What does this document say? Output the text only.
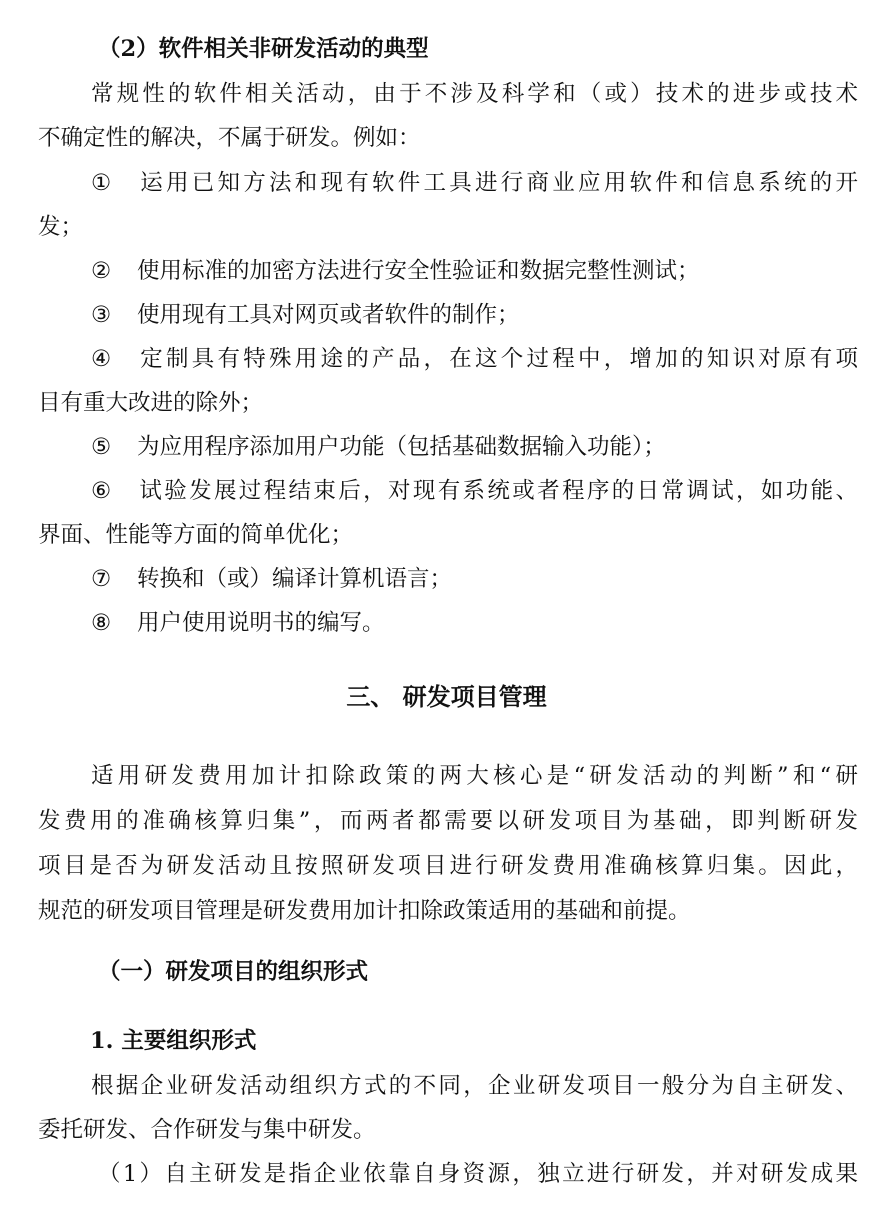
（2）软件相关非研发活动的典型
常规性的软件相关活动，由于不涉及科学和（或）技术的进步或技术
不确定性的解决，不属于研发。例如：
① 运用已知方法和现有软件工具进行商业应用软件和信息系统的开
发；
② 使用标准的加密方法进行安全性验证和数据完整性测试；
③ 使用现有工具对网页或者软件的制作；
④ 定制具有特殊用途的产品，在这个过程中，增加的知识对原有项
目有重大改进的除外；
⑤ 为应用程序添加用户功能（包括基础数据输入功能）；
⑥ 试验发展过程结束后，对现有系统或者程序的日常调试，如功能、
界面、性能等方面的简单优化；
⑦ 转换和（或）编译计算机语言；
⑧ 用户使用说明书的编写。
三、 研发项目管理
适用研发费用加计扣除政策的两大核心是“研发活动的判断”和“研
发费用的准确核算归集”，而两者都需要以研发项目为基础，即判断研发
项目是否为研发活动且按照研发项目进行研发费用准确核算归集。因此，
规范的研发项目管理是研发费用加计扣除政策适用的基础和前提。
（一）研发项目的组织形式
1. 主要组织形式
根据企业研发活动组织方式的不同，企业研发项目一般分为自主研发、
委托研发、合作研发与集中研发。
（1）自主研发是指企业依靠自身资源，独立进行研发，并对研发成果
